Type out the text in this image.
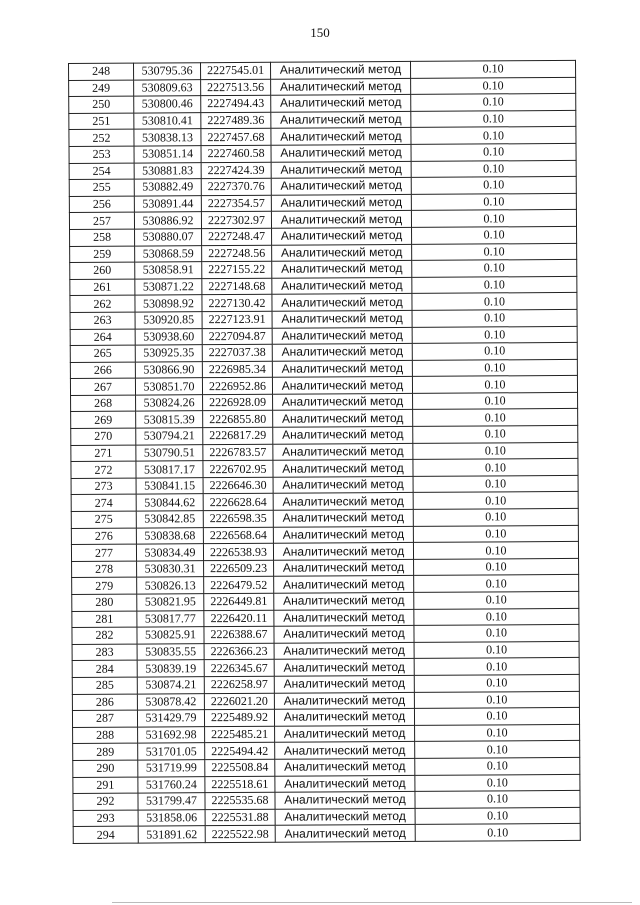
150
248	530795.36	2227545.01	Аналитический метод	0.10
249	530809.63	2227513.56	Аналитический метод	0.10
250	530800.46	2227494.43	Аналитический метод	0.10
251	530810.41	2227489.36	Аналитический метод	0.10
252	530838.13	2227457.68	Аналитический метод	0.10
253	530851.14	2227460.58	Аналитический метод	0.10
254	530881.83	2227424.39	Аналитический метод	0.10
255	530882.49	2227370.76	Аналитический метод	0.10
256	530891.44	2227354.57	Аналитический метод	0.10
257	530886.92	2227302.97	Аналитический метод	0.10
258	530880.07	2227248.47	Аналитический метод	0.10
259	530868.59	2227248.56	Аналитический метод	0.10
260	530858.91	2227155.22	Аналитический метод	0.10
261	530871.22	2227148.68	Аналитический метод	0.10
262	530898.92	2227130.42	Аналитический метод	0.10
263	530920.85	2227123.91	Аналитический метод	0.10
264	530938.60	2227094.87	Аналитический метод	0.10
265	530925.35	2227037.38	Аналитический метод	0.10
266	530866.90	2226985.34	Аналитический метод	0.10
267	530851.70	2226952.86	Аналитический метод	0.10
268	530824.26	2226928.09	Аналитический метод	0.10
269	530815.39	2226855.80	Аналитический метод	0.10
270	530794.21	2226817.29	Аналитический метод	0.10
271	530790.51	2226783.57	Аналитический метод	0.10
272	530817.17	2226702.95	Аналитический метод	0.10
273	530841.15	2226646.30	Аналитический метод	0.10
274	530844.62	2226628.64	Аналитический метод	0.10
275	530842.85	2226598.35	Аналитический метод	0.10
276	530838.68	2226568.64	Аналитический метод	0.10
277	530834.49	2226538.93	Аналитический метод	0.10
278	530830.31	2226509.23	Аналитический метод	0.10
279	530826.13	2226479.52	Аналитический метод	0.10
280	530821.95	2226449.81	Аналитический метод	0.10
281	530817.77	2226420.11	Аналитический метод	0.10
282	530825.91	2226388.67	Аналитический метод	0.10
283	530835.55	2226366.23	Аналитический метод	0.10
284	530839.19	2226345.67	Аналитический метод	0.10
285	530874.21	2226258.97	Аналитический метод	0.10
286	530878.42	2226021.20	Аналитический метод	0.10
287	531429.79	2225489.92	Аналитический метод	0.10
288	531692.98	2225485.21	Аналитический метод	0.10
289	531701.05	2225494.42	Аналитический метод	0.10
290	531719.99	2225508.84	Аналитический метод	0.10
291	531760.24	2225518.61	Аналитический метод	0.10
292	531799.47	2225535.68	Аналитический метод	0.10
293	531858.06	2225531.88	Аналитический метод	0.10
294	531891.62	2225522.98	Аналитический метод	0.10
